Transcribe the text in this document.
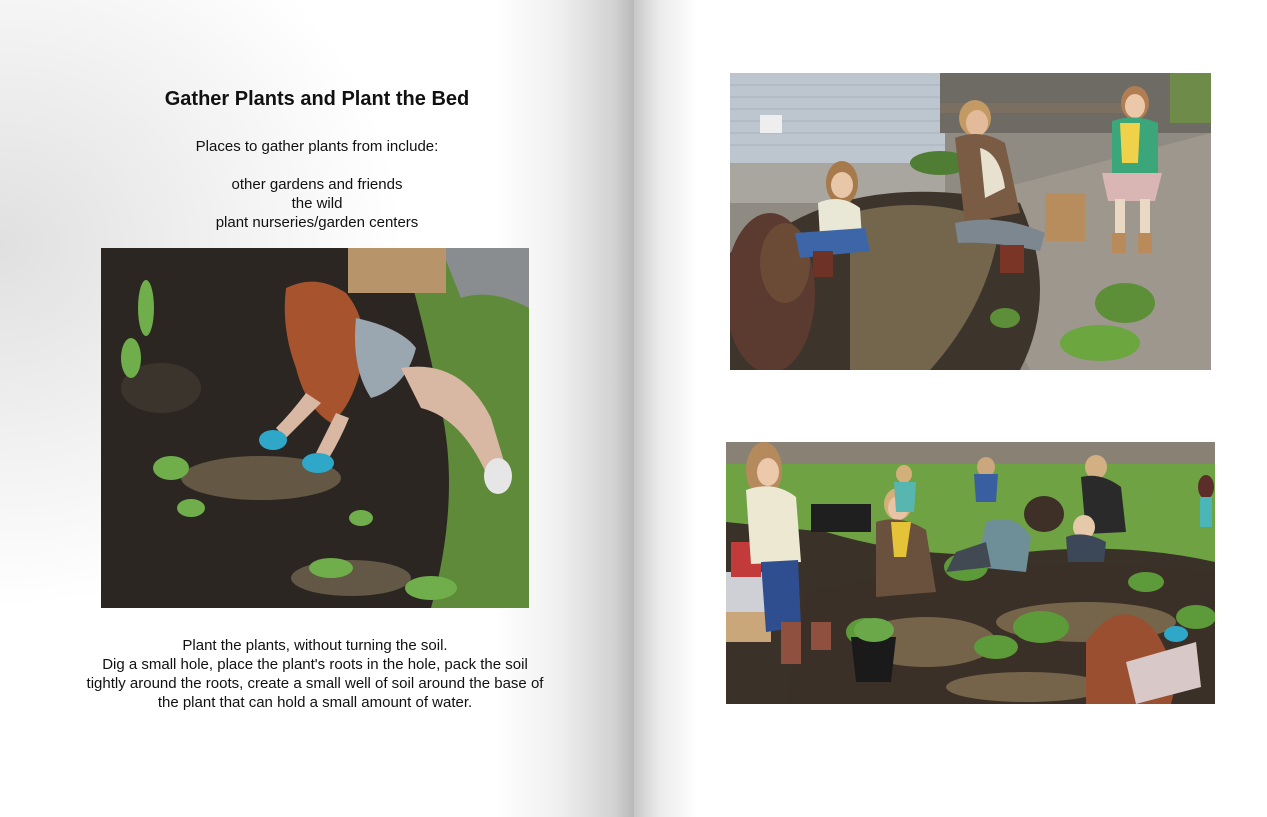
Gather Plants and Plant the Bed

Places to gather plants from include:

other gardens and friends
the wild
plant nurseries/garden centers
Plant the plants, without turning the soil.
Dig a small hole, place the plant's roots in the hole, pack the soil
tightly around the roots, create a small well of soil around the base of
the plant that can hold a small amount of water.
